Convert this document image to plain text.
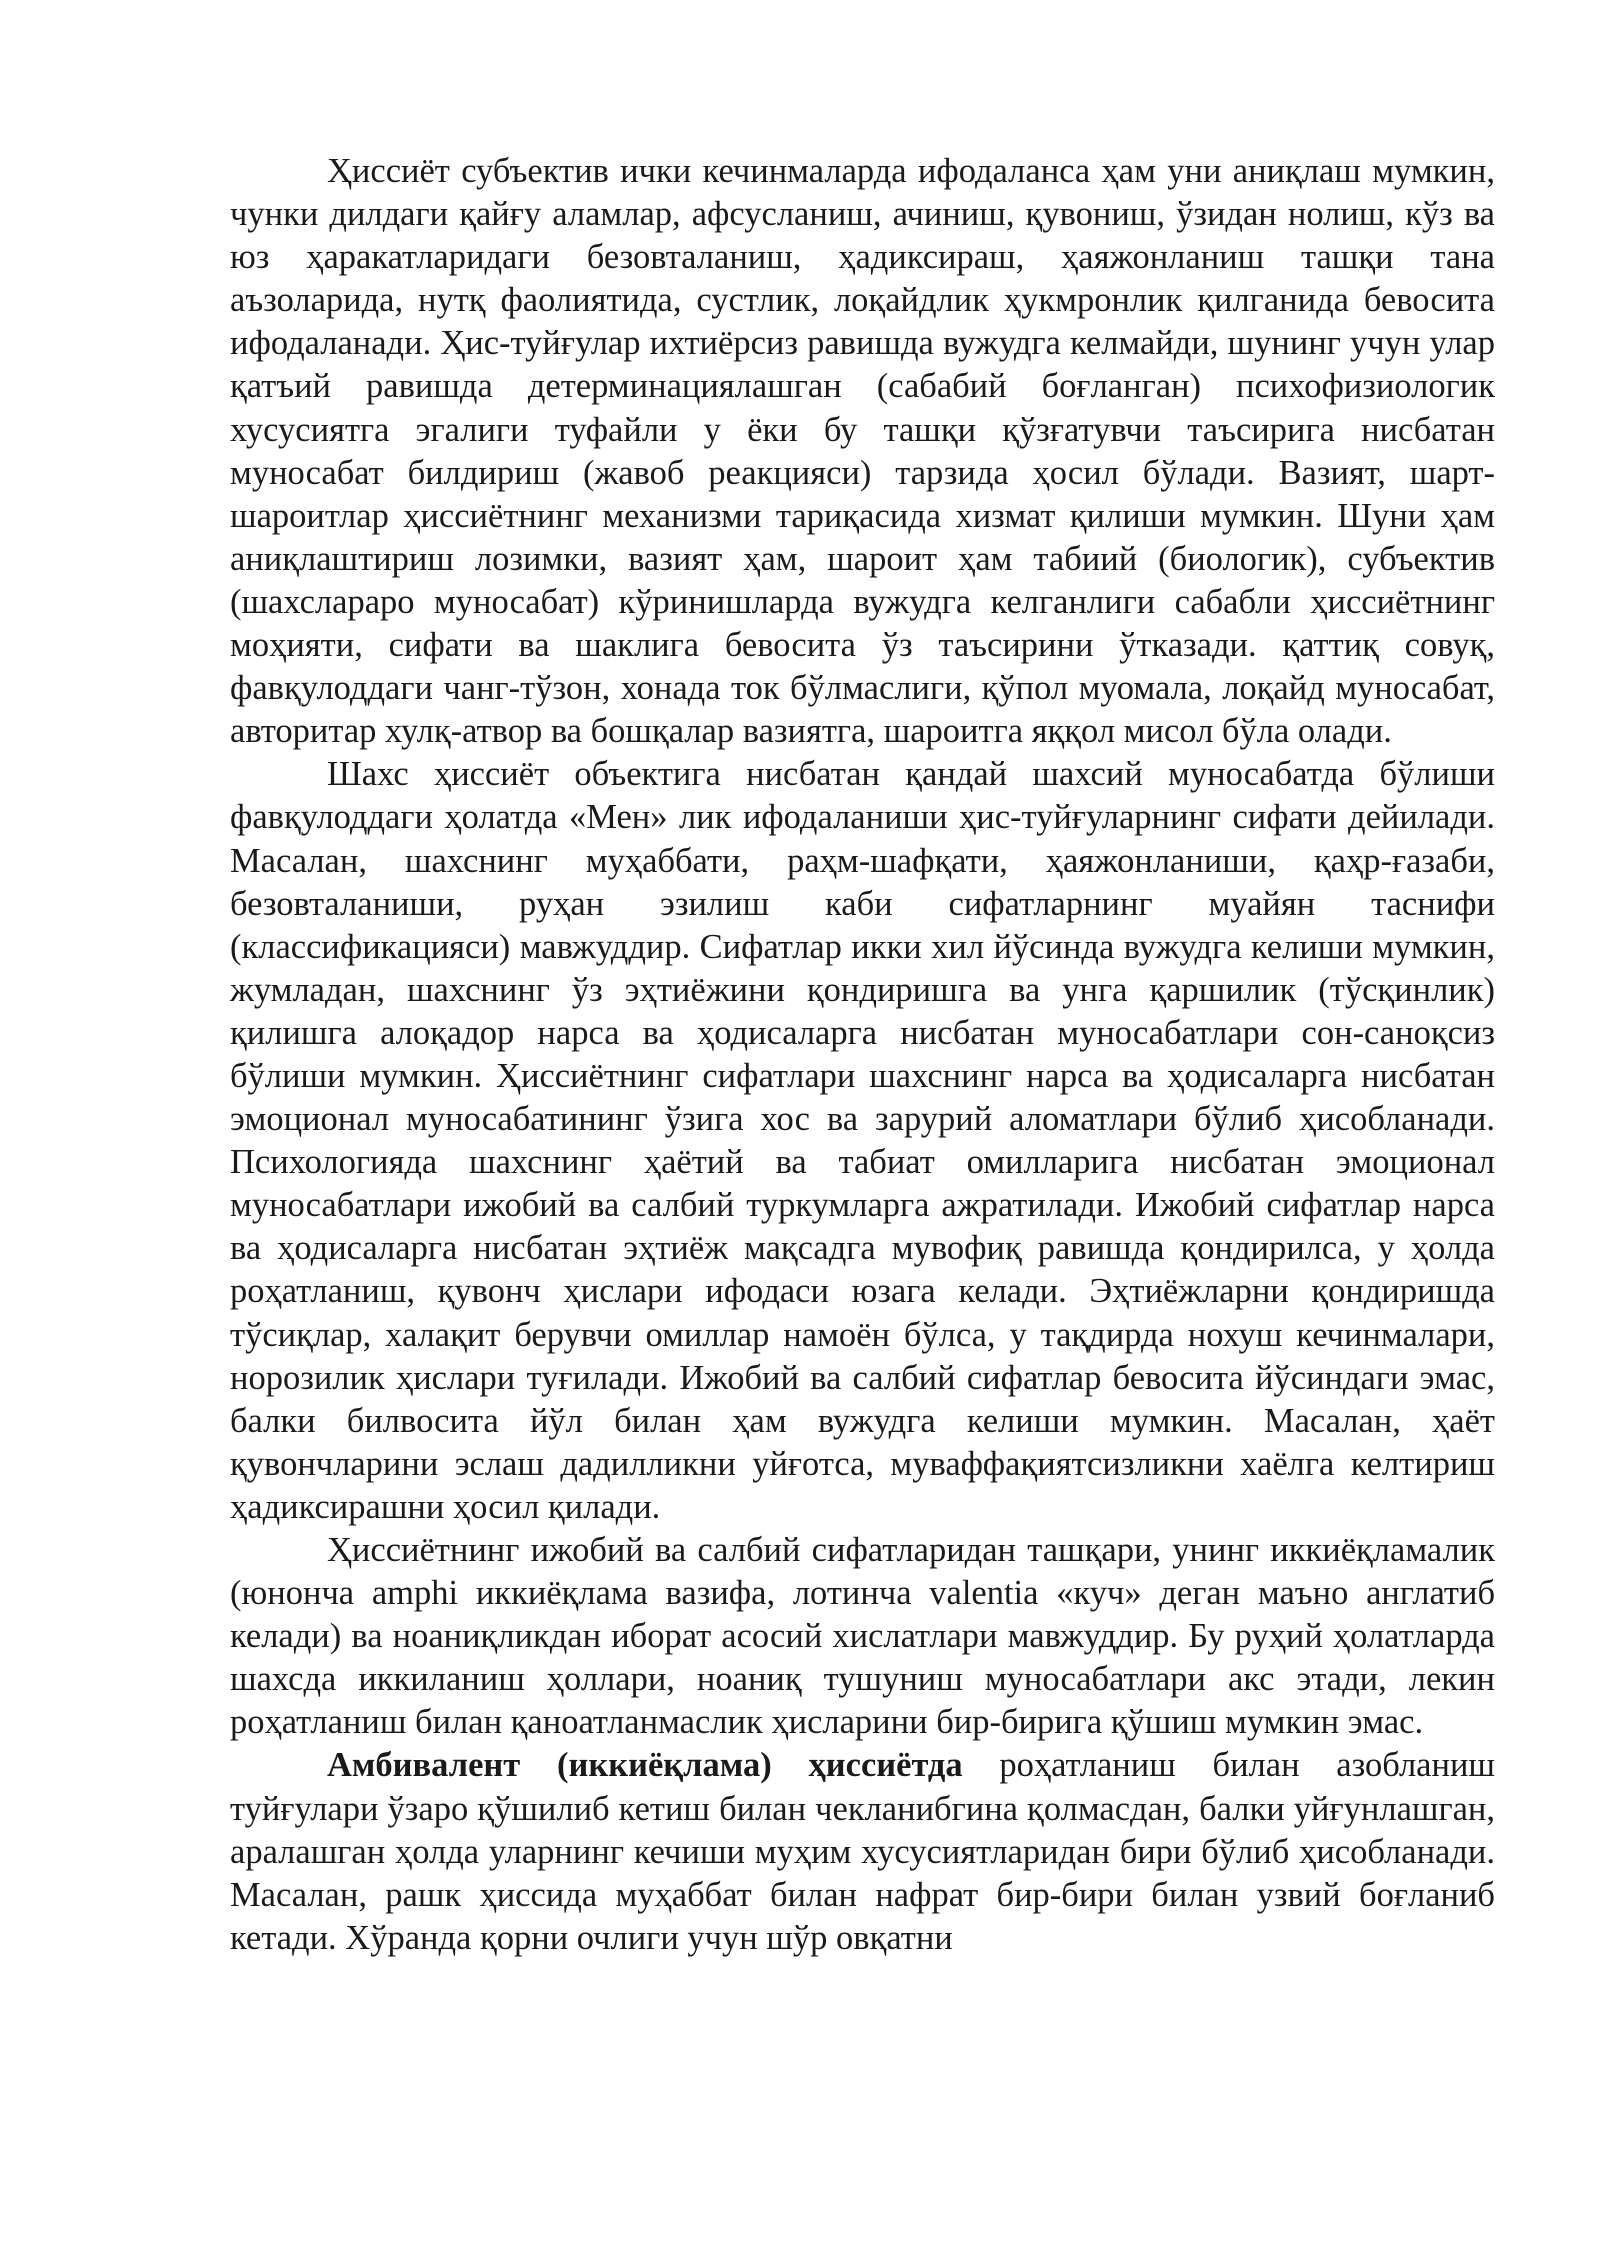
Ҳиссиёт субъектив ички кечинмаларда ифодаланса ҳам уни аниқлаш мумкин, чунки дилдаги қайғу аламлар, афсусланиш, ачиниш, қувониш, ўзидан нолиш, кўз ва юз ҳаракатларидаги безовталаниш, ҳадиксираш, ҳаяжонланиш ташқи тана аъзоларида, нутқ фаолиятида, сустлик, лоқайдлик ҳукмронлик қилганида бевосита ифодаланади. Ҳис-туйғулар ихтиёрсиз равишда вужудга келмайди, шунинг учун улар қатъий равишда детерминациялашган (сабабий боғланган) психофизиологик хусусиятга эгалиги туфайли у ёки бу ташқи қўзғатувчи таъсирига нисбатан муносабат билдириш (жавоб реакцияси) тарзида ҳосил бўлади. Вазият, шарт-шароитлар ҳиссиётнинг механизми тариқасида хизмат қилиши мумкин. Шуни ҳам аниқлаштириш лозимки, вазият ҳам, шароит ҳам табиий (биологик), субъектив (шахслараро муносабат) кўринишларда вужудга келганлиги сабабли ҳиссиётнинг моҳияти, сифати ва шаклига бевосита ўз таъсирини ўтказади. қаттиқ совуқ, фавқулоддаги чанг-тўзон, хонада ток бўлмаслиги, қўпол муомала, лоқайд муносабат, авторитар хулқ-атвор ва бошқалар вазиятга, шароитга яққол мисол бўла олади.

Шахс ҳиссиёт объектига нисбатан қандай шахсий муносабатда бўлиши фавқулоддаги ҳолатда «Мен» лик ифодаланиши ҳис-туйғуларнинг сифати дейилади. Масалан, шахснинг муҳаббати, раҳм-шафқати, ҳаяжонланиши, қаҳр-ғазаби, безовталаниши, руҳан эзилиш каби сифатларнинг муайян таснифи (классификацияси) мавжуддир. Сифатлар икки хил йўсинда вужудга келиши мумкин, жумладан, шахснинг ўз эҳтиёжини қондиришга ва унга қаршилик (тўсқинлик) қилишга алоқадор нарса ва ҳодисаларга нисбатан муносабатлари сон-саноқсиз бўлиши мумкин. Ҳиссиётнинг сифатлари шахснинг нарса ва ҳодисаларга нисбатан эмоционал муносабатининг ўзига хос ва зарурий аломатлари бўлиб ҳисобланади. Психологияда шахснинг ҳаётий ва табиат омилларига нисбатан эмоционал муносабатлари ижобий ва салбий туркумларга ажратилади. Ижобий сифатлар нарса ва ҳодисаларга нисбатан эҳтиёж мақсадга мувофиқ равишда қондирилса, у ҳолда роҳатланиш, қувонч ҳислари ифодаси юзага келади. Эҳтиёжларни қондиришда тўсиқлар, халақит берувчи омиллар намоён бўлса, у тақдирда нохуш кечинмалари, норозилик ҳислари туғилади. Ижобий ва салбий сифатлар бевосита йўсиндаги эмас, балки билвосита йўл билан ҳам вужудга келиши мумкин. Масалан, ҳаёт қувончларини эслаш дадилликни уйғотса, муваффақиятсизликни хаёлга келтириш ҳадиксирашни ҳосил қилади.

Ҳиссиётнинг ижобий ва салбий сифатларидан ташқари, унинг иккиёқламалик (юнонча amphi иккиёқлама вазифа, лотинча valentia «куч» деган маъно англатиб келади) ва ноаниқликдан иборат асосий хислатлари мавжуддир. Бу руҳий ҳолатларда шахсда иккиланиш ҳоллари, ноаниқ тушуниш муносабатлари акс этади, лекин роҳатланиш билан қаноатланмаслик ҳисларини бир-бирига қўшиш мумкин эмас.

Амбивалент (иккиёқлама) ҳиссиётда роҳатланиш билан азобланиш туйғулари ўзаро қўшилиб кетиш билан чекланибгина қолмасдан, балки уйғунлашган, аралашган ҳолда уларнинг кечиши муҳим хусусиятларидан бири бўлиб ҳисобланади. Масалан, рашк ҳиссида муҳаббат билан нафрат бир-бири билан узвий боғланиб кетади. Хўранда қорни очлиги учун шўр овқатни
